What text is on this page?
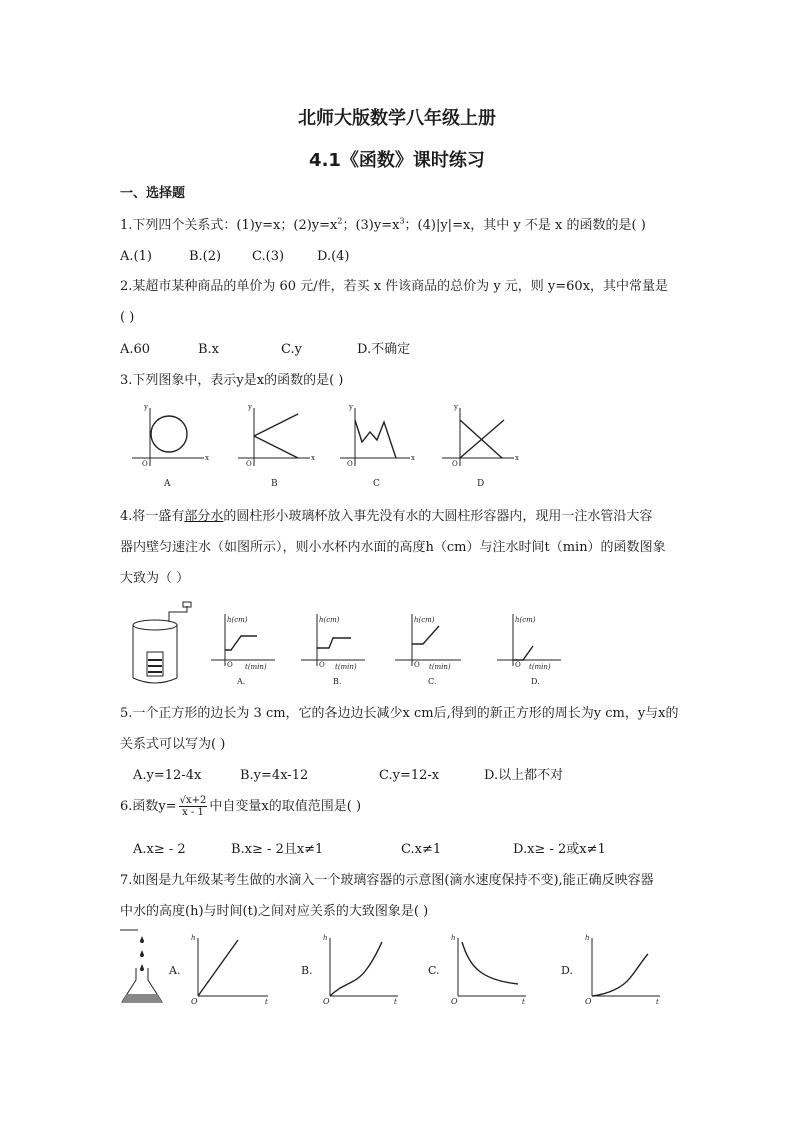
北师大版数学八年级上册
4.1《函数》课时练习
一、选择题
1.下列四个关系式：(1)y=x；$(2)y=x^2$；$(3)y=x^3$；(4)|y|=x，其中 y 不是 x 的函数的是( )
A.(1)	B.(2) C.(3)	D.(4)
2.某超市某种商品的单价为 60 元/件，若买 x 件该商品的总价为 y 元，则 y=60x，其中常量是
( )
A.60	B.x	C.y	D.不确定
3.下列图象中，表示y是x的函数的是( )
y
x
O
A
y
x
O
B
y
x
O
C
y
x
O
D
4.将一盛有部分水的圆柱形小玻璃杯放入事先没有水的大圆柱形容器内，现用一注水管沿大容
器内壁匀速注水（如图所示），则小水杯内水面的高度h（cm）与注水时间t（min）的函数图象
大致为（ ）
h(cm)
t(min)
O
A.
h(cm)
t(min)
O
B.
h(cm)
t(min)
O
C.
h(cm)
t(min)
O
D.
5.一个正方形的边长为 3 cm，它的各边边长减少x cm后,得到的新正方形的周长为y cm，y与x的
关系式可以写为( )
A.y=12-4x	B.y=4x-12	C.y=12-x	D.以上都不对
6.函数$y= \frac{√x+2}{x - 1}$ 中自变量x的取值范围是( )
A.x≥ - 2	B.x≥ - 2且x≠1	C.x≠1	D.x≥ - 2或x≠1
7.如图是九年级某考生做的水滴入一个玻璃容器的示意图(滴水速度保持不变),能正确反映容器
中水的高度(h)与时间(t)之间对应关系的大致图象是( )
A.
h
t
O
B.
h
t
O
C.
h
t
O
D.
h
t
O
